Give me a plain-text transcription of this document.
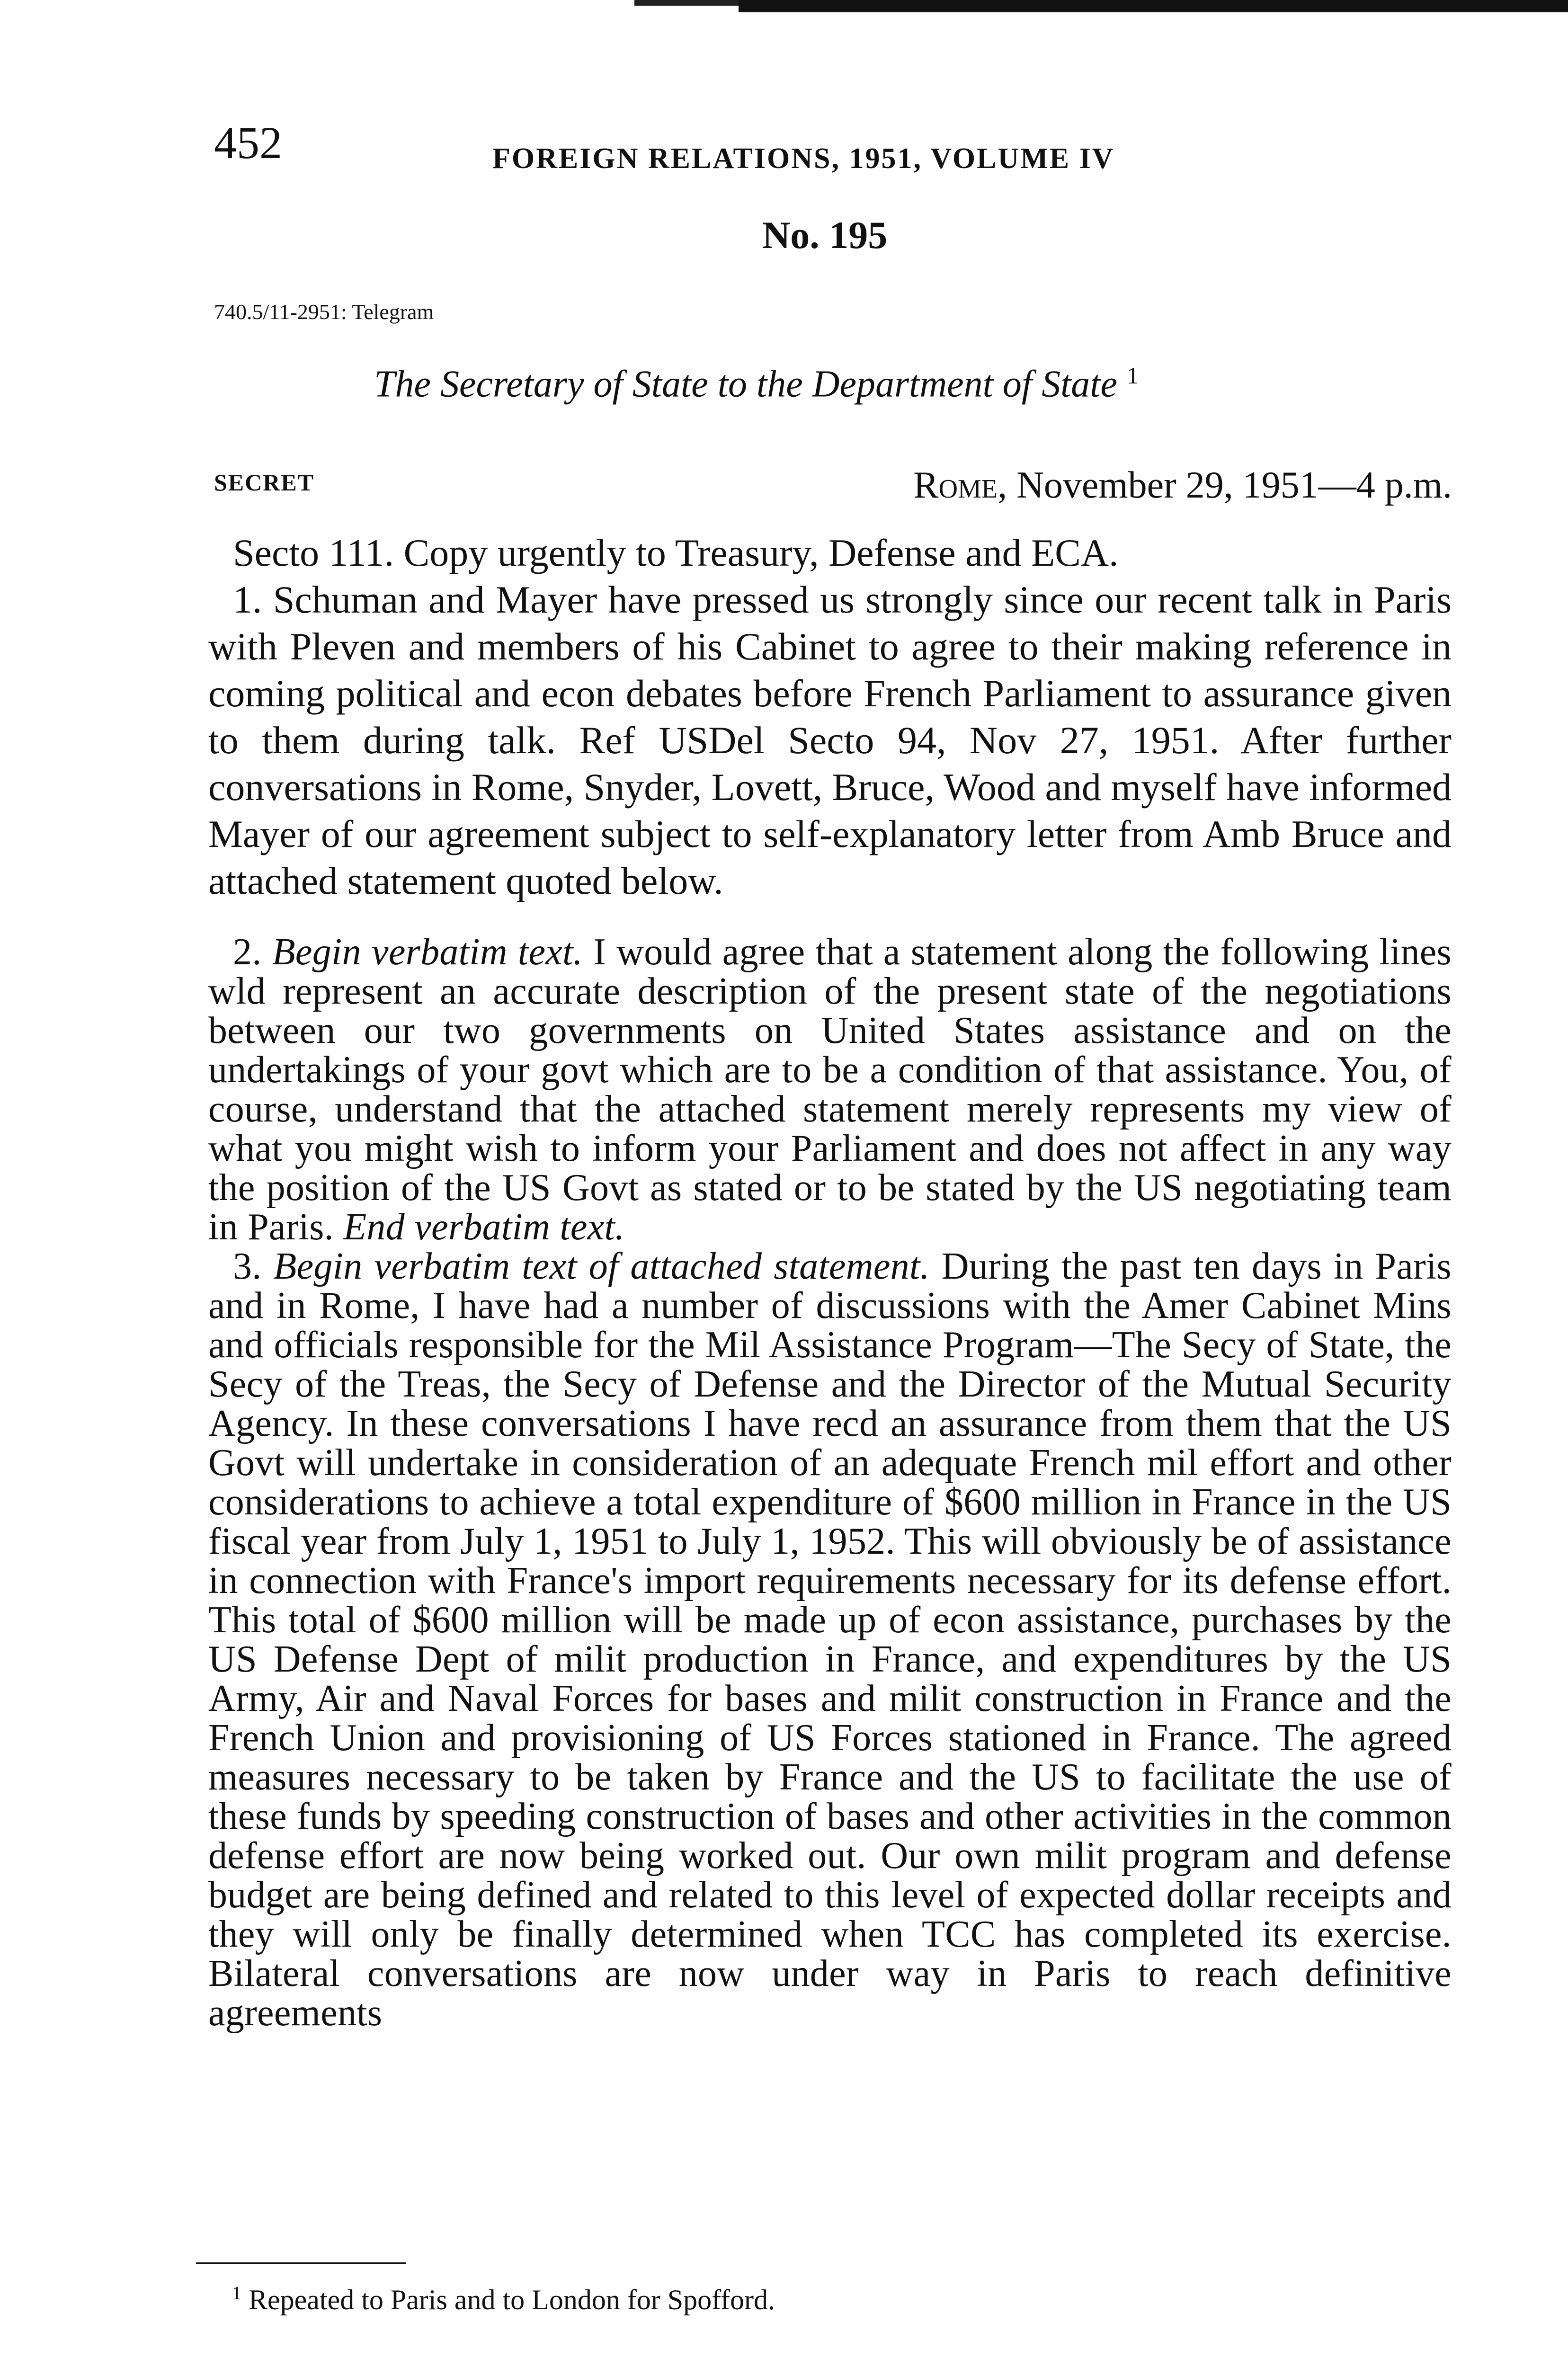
452	FOREIGN RELATIONS, 1951, VOLUME IV
No. 195
740.5/11-2951: Telegram
The Secretary of State to the Department of State $^1$
SECRET	Rome, November 29, 1951—4 p.m.

Secto 111. Copy urgently to Treasury, Defense and ECA.

1. Schuman and Mayer have pressed us strongly since our recent talk in Paris with Pleven and members of his Cabinet to agree to their making reference in coming political and econ debates before French Parliament to assurance given to them during talk. Ref USDel Secto 94, Nov 27, 1951. After further conversations in Rome, Snyder, Lovett, Bruce, Wood and myself have informed Mayer of our agreement subject to self-explanatory letter from Amb Bruce and attached statement quoted below.

2. Begin verbatim text. I would agree that a statement along the following lines wld represent an accurate description of the present state of the negotiations between our two governments on United States assistance and on the undertakings of your govt which are to be a condition of that assistance. You, of course, understand that the attached statement merely represents my view of what you might wish to inform your Parliament and does not affect in any way the position of the US Govt as stated or to be stated by the US negotiating team in Paris. End verbatim text.

3. Begin verbatim text of attached statement. During the past ten days in Paris and in Rome, I have had a number of discussions with the Amer Cabinet Mins and officials responsible for the Mil Assistance Program—The Secy of State, the Secy of the Treas, the Secy of Defense and the Director of the Mutual Security Agency. In these conversations I have recd an assurance from them that the US Govt will undertake in consideration of an adequate French mil effort and other considerations to achieve a total expenditure of $600 million in France in the US fiscal year from July 1, 1951 to July 1, 1952. This will obviously be of assistance in connection with France's import requirements necessary for its defense effort. This total of $600 million will be made up of econ assistance, purchases by the US Defense Dept of milit production in France, and expenditures by the US Army, Air and Naval Forces for bases and milit construction in France and the French Union and provisioning of US Forces stationed in France. The agreed measures necessary to be taken by France and the US to facilitate the use of these funds by speeding construction of bases and other activities in the common defense effort are now being worked out. Our own milit program and defense budget are being defined and related to this level of expected dollar receipts and they will only be finally determined when TCC has completed its exercise. Bilateral conversations are now under way in Paris to reach definitive agreements

$^1$ Repeated to Paris and to London for Spofford.
